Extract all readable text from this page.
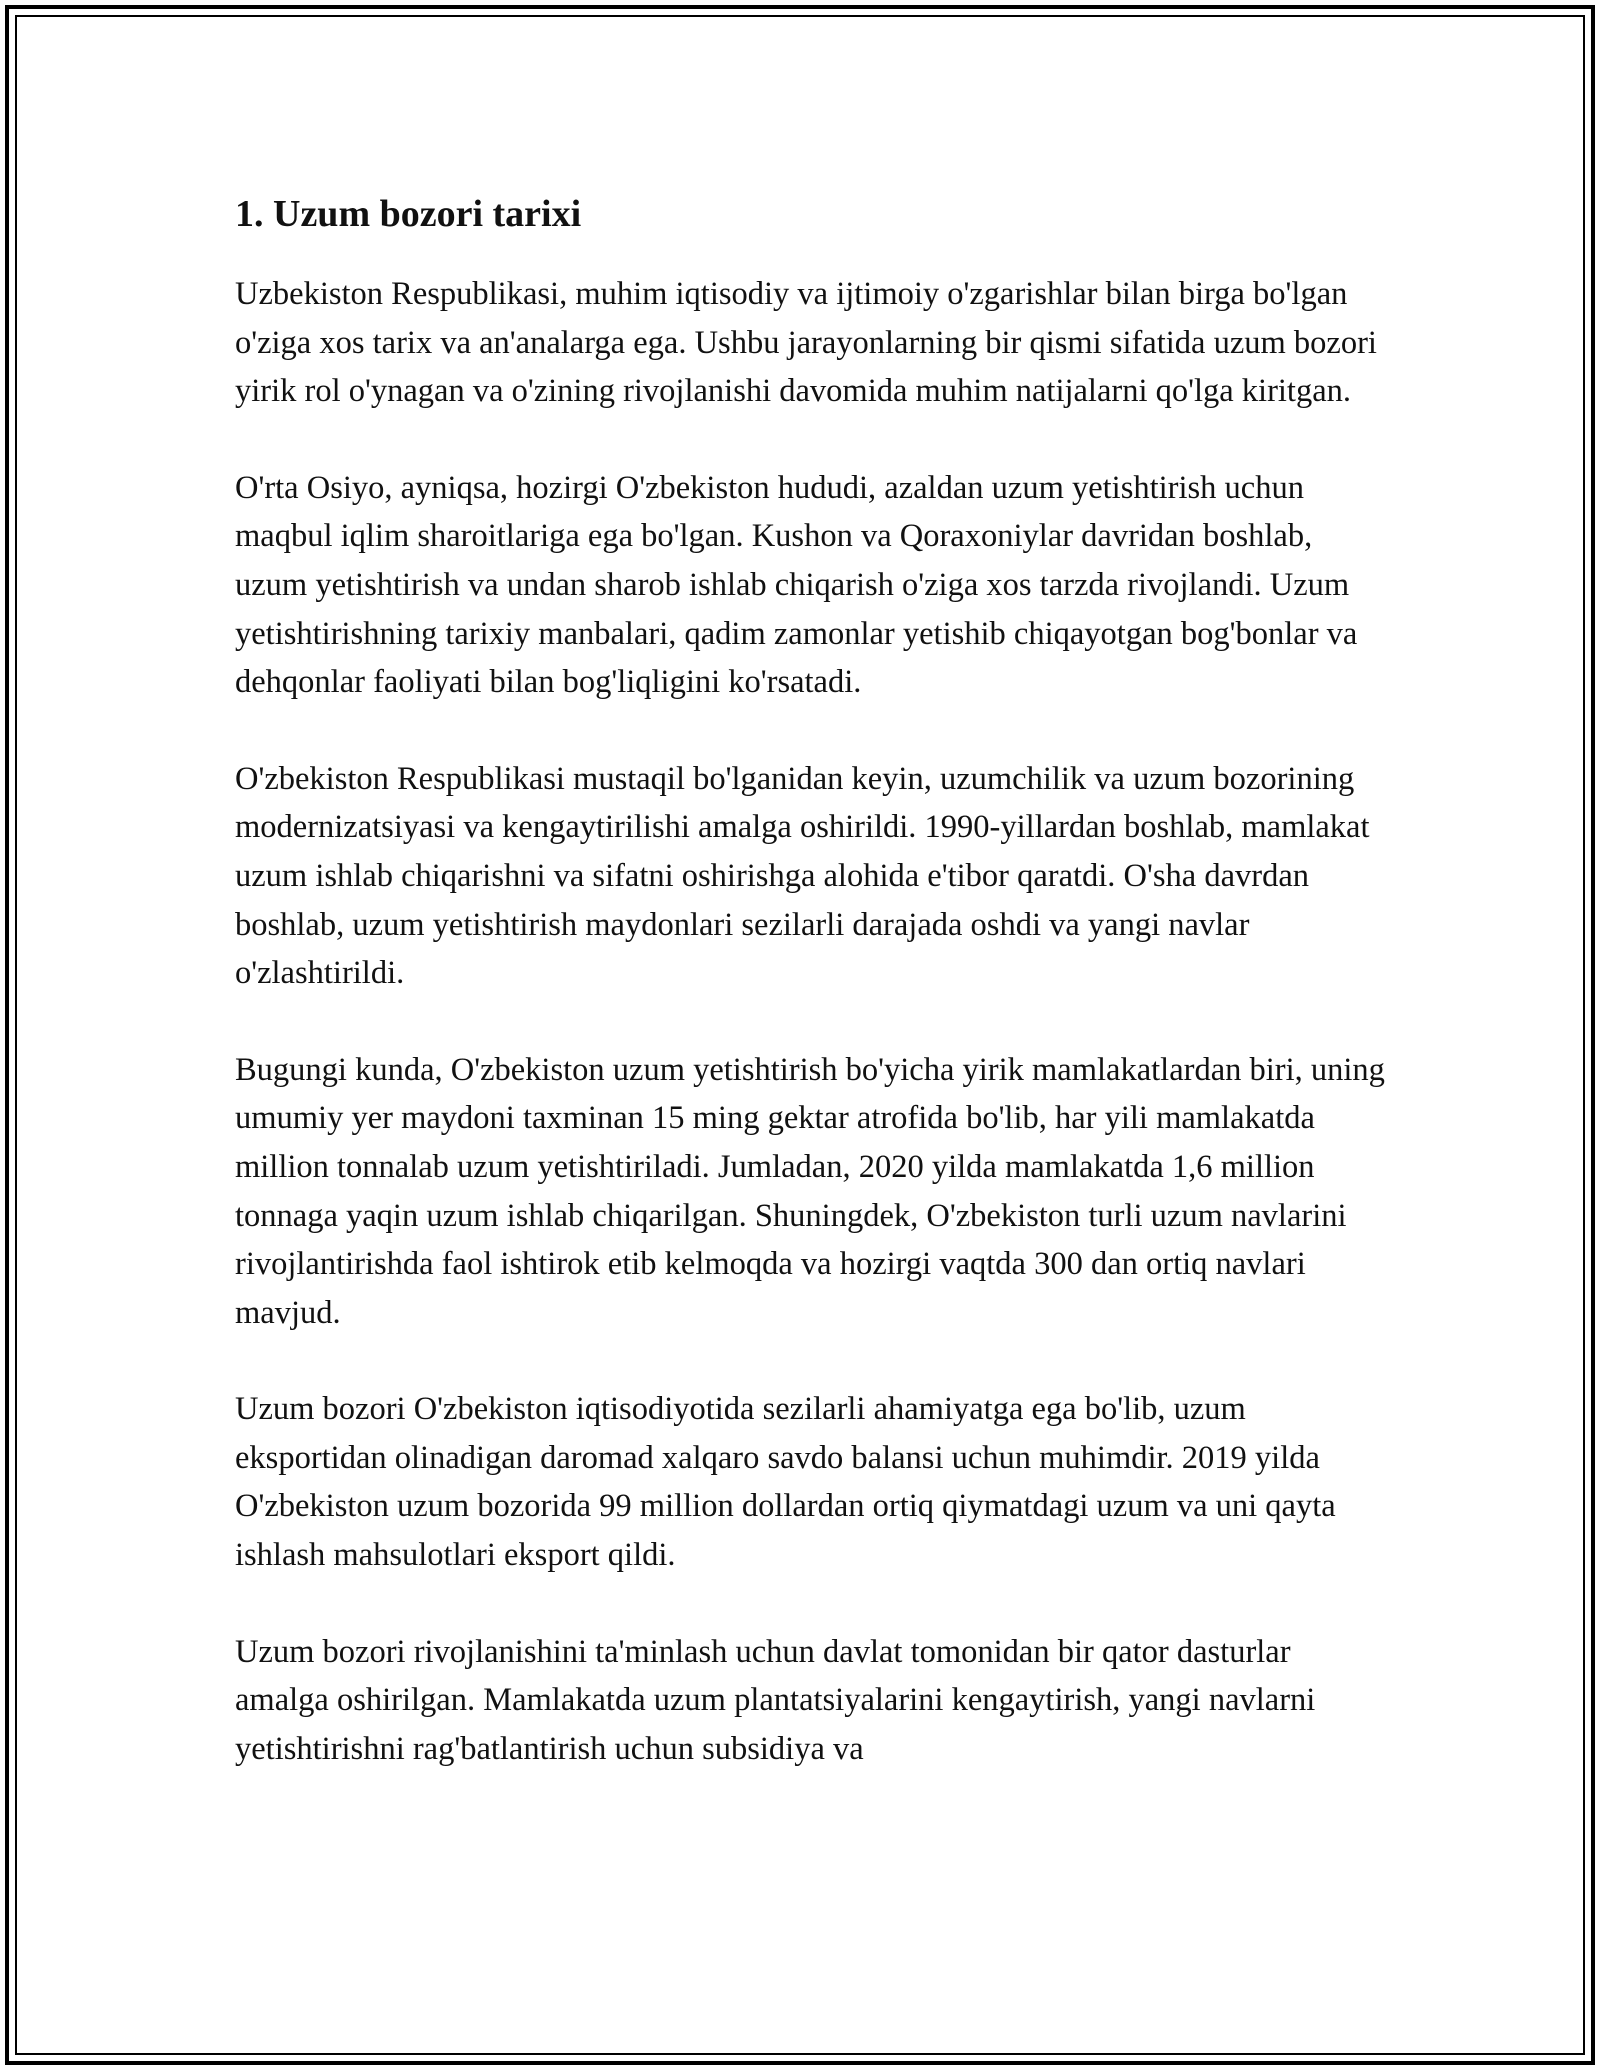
1. Uzum bozori tarixi

Uzbekiston Respublikasi, muhim iqtisodiy va ijtimoiy o'zgarishlar bilan birga bo'lgan o'ziga xos tarix va an'analarga ega. Ushbu jarayonlarning bir qismi sifatida uzum bozori yirik rol o'ynagan va o'zining rivojlanishi davomida muhim natijalarni qo'lga kiritgan.

O'rta Osiyo, ayniqsa, hozirgi O'zbekiston hududi, azaldan uzum yetishtirish uchun maqbul iqlim sharoitlariga ega bo'lgan. Kushon va Qoraxoniylar davridan boshlab, uzum yetishtirish va undan sharob ishlab chiqarish o'ziga xos tarzda rivojlandi. Uzum yetishtirishning tarixiy manbalari, qadim zamonlar yetishib chiqayotgan bog'bonlar va dehqonlar faoliyati bilan bog'liqligini ko'rsatadi.

O'zbekiston Respublikasi mustaqil bo'lganidan keyin, uzumchilik va uzum bozorining modernizatsiyasi va kengaytirilishi amalga oshirildi. 1990-yillardan boshlab, mamlakat uzum ishlab chiqarishni va sifatni oshirishga alohida e'tibor qaratdi. O'sha davrdan boshlab, uzum yetishtirish maydonlari sezilarli darajada oshdi va yangi navlar o'zlashtirildi.

Bugungi kunda, O'zbekiston uzum yetishtirish bo'yicha yirik mamlakatlardan biri, uning umumiy yer maydoni taxminan 15 ming gektar atrofida bo'lib, har yili mamlakatda million tonnalab uzum yetishtiriladi. Jumladan, 2020 yilda mamlakatda 1,6 million tonnaga yaqin uzum ishlab chiqarilgan. Shuningdek, O'zbekiston turli uzum navlarini rivojlantirishda faol ishtirok etib kelmoqda va hozirgi vaqtda 300 dan ortiq navlari mavjud.

Uzum bozori O'zbekiston iqtisodiyotida sezilarli ahamiyatga ega bo'lib, uzum eksportidan olinadigan daromad xalqaro savdo balansi uchun muhimdir. 2019 yilda O'zbekiston uzum bozorida 99 million dollardan ortiq qiymatdagi uzum va uni qayta ishlash mahsulotlari eksport qildi.

Uzum bozori rivojlanishini ta'minlash uchun davlat tomonidan bir qator dasturlar amalga oshirilgan. Mamlakatda uzum plantatsiyalarini kengaytirish, yangi navlarni yetishtirishni rag'batlantirish uchun subsidiya va
